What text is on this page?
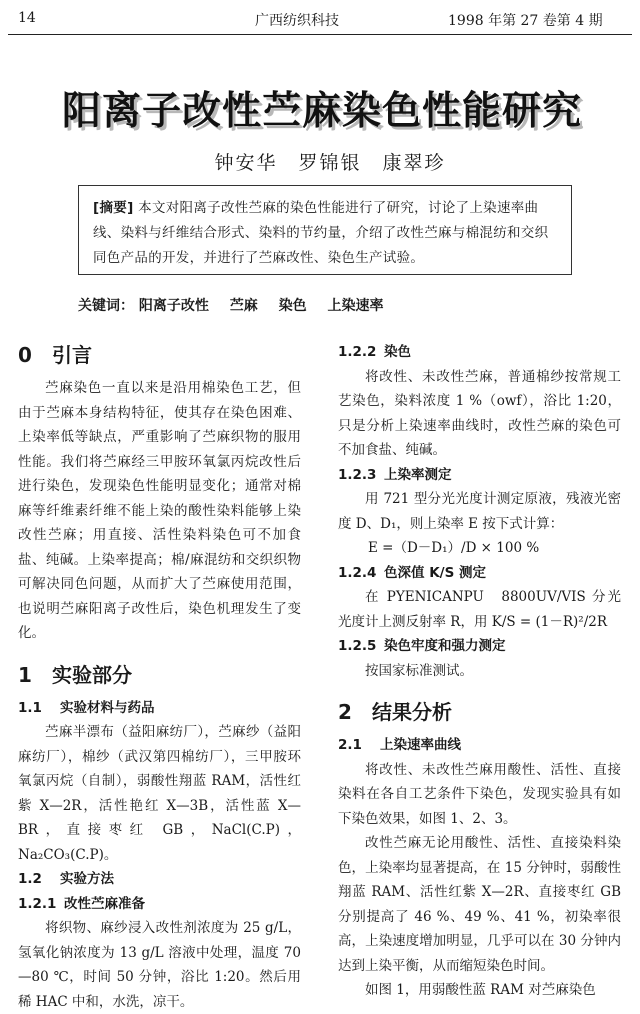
14	广西纺织科技	1998 年第 27 卷第 4 期
阳离子改性苎麻染色性能研究
钟安华　罗锦银　康翠珍
[摘要] 本文对阳离子改性苎麻的染色性能进行了研究，讨论了上染速率曲线、染料与纤维结合形式、染料的节约量，介绍了改性苎麻与棉混纺和交织同色产品的开发，并进行了苎麻改性、染色生产试验。
关键词： 阳离子改性 苎麻 染色 上染速率
0 引言

苎麻染色一直以来是沿用棉染色工艺，但由于苎麻本身结构特征，使其存在染色困难、上染率低等缺点，严重影响了苎麻织物的服用性能。我们将苎麻经三甲胺环氧氯丙烷改性后进行染色，发现染色性能明显变化；通常对棉麻等纤维素纤维不能上染的酸性染料能够上染改性苎麻；用直接、活性染料染色可不加食盐、纯碱。上染率提高；棉/麻混纺和交织织物可解决同色问题，从而扩大了苎麻使用范围，也说明苎麻阳离子改性后，染色机理发生了变化。

1 实验部分
1.1 实验材料与药品

苎麻半漂布（益阳麻纺厂），苎麻纱（益阳麻纺厂），棉纱（武汉第四棉纺厂），三甲胺环氧氯丙烷（自制），弱酸性翔蓝 RAM，活性红紫 X—2R，活性艳红 X—3B，活性蓝 X—BR，直接枣红 GB，NaCl(C.P)，Na₂CO₃(C.P)。

1.2 实验方法
1.2.1 改性苎麻准备

将织物、麻纱浸入改性剂浓度为 25 g/L，氢氧化钠浓度为 13 g/L 溶液中处理，温度 70—80 ℃，时间 50 分钟，浴比 1:20。然后用稀 HAC 中和，水洗，凉干。

1.2.2 染色

将改性、未改性苎麻，普通棉纱按常规工艺染色，染料浓度 1 %（owf），浴比 1:20，只是分析上染速率曲线时，改性苎麻的染色可不加食盐、纯碱。

1.2.3 上染率测定

用 721 型分光光度计测定原液，残液光密度 D、D₁，则上染率 E 按下式计算：

E =（D－D₁）/D × 100 %

1.2.4 色深值 K/S 测定

在 PYENICANPU　8800UV/VIS 分光光度计上测反射率 R，用 K/S = (1－R)²/2R

1.2.5 染色牢度和强力测定

按国家标准测试。

2 结果分析
2.1 上染速率曲线

将改性、未改性苎麻用酸性、活性、直接染料在各自工艺条件下染色，发现实验具有如下染色效果，如图 1、2、3。

改性苎麻无论用酸性、活性、直接染料染色，上染率均显著提高，在 15 分钟时，弱酸性翔蓝 RAM、活性红紫 X—2R、直接枣红 GB 分别提高了 46 %、49 %、41 %，初染率很高，上染速度增加明显，几乎可以在 30 分钟内达到上染平衡，从而缩短染色时间。

如图 1，用弱酸性蓝 RAM 对苎麻染色
